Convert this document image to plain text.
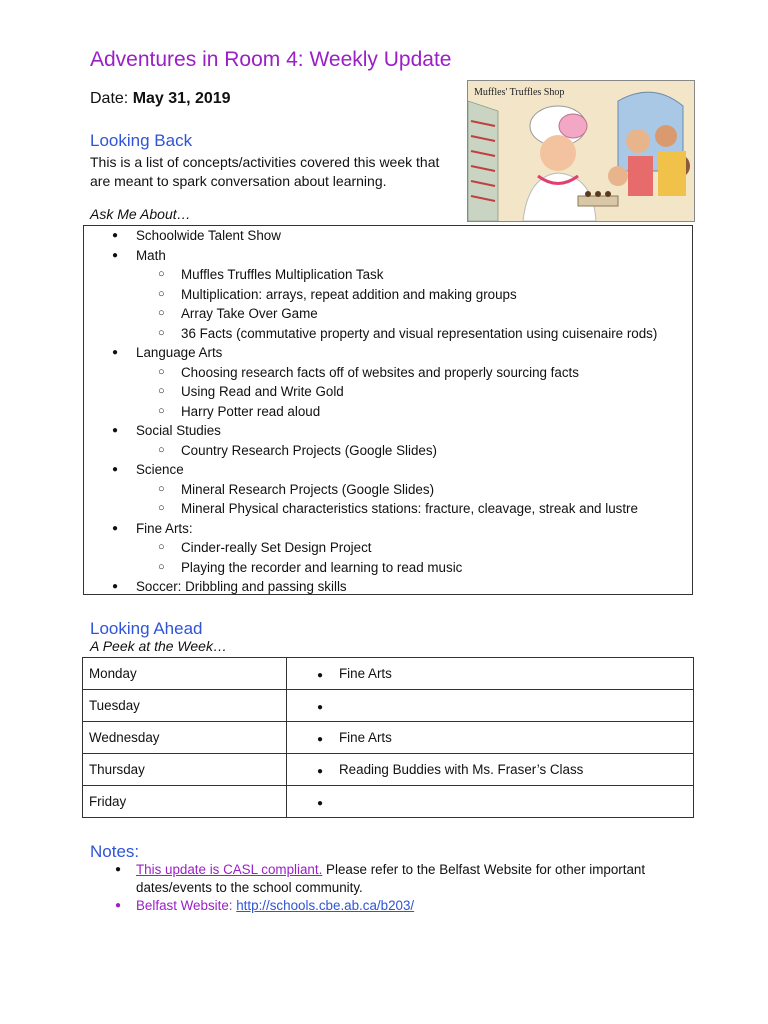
Adventures in Room 4: Weekly Update
Date: May 31, 2019
Looking Back
This is a list of concepts/activities covered this week that are meant to spark conversation about learning.
Ask Me About…
Muffles' Truffles Shop
● Schoolwide Talent Show
● Math
○ Muffles Truffles Multiplication Task
○ Multiplication: arrays, repeat addition and making groups
○ Array Take Over Game
○ 36 Facts (commutative property and visual representation using cuisenaire rods)
● Language Arts
○ Choosing research facts off of websites and properly sourcing facts
○ Using Read and Write Gold
○ Harry Potter read aloud
● Social Studies
○ Country Research Projects (Google Slides)
● Science
○ Mineral Research Projects (Google Slides)
○ Mineral Physical characteristics stations: fracture, cleavage, streak and lustre
● Fine Arts:
○ Cinder-really Set Design Project
○ Playing the recorder and learning to read music
● Soccer: Dribbling and passing skills
Looking Ahead
A Peek at the Week…
Monday	● Fine Arts
Tuesday	●
Wednesday	● Fine Arts
Thursday	● Reading Buddies with Ms. Fraser’s Class
Friday	●
Notes:
● This update is CASL compliant. Please refer to the Belfast Website for other important dates/events to the school community.
● Belfast Website: http://schools.cbe.ab.ca/b203/
